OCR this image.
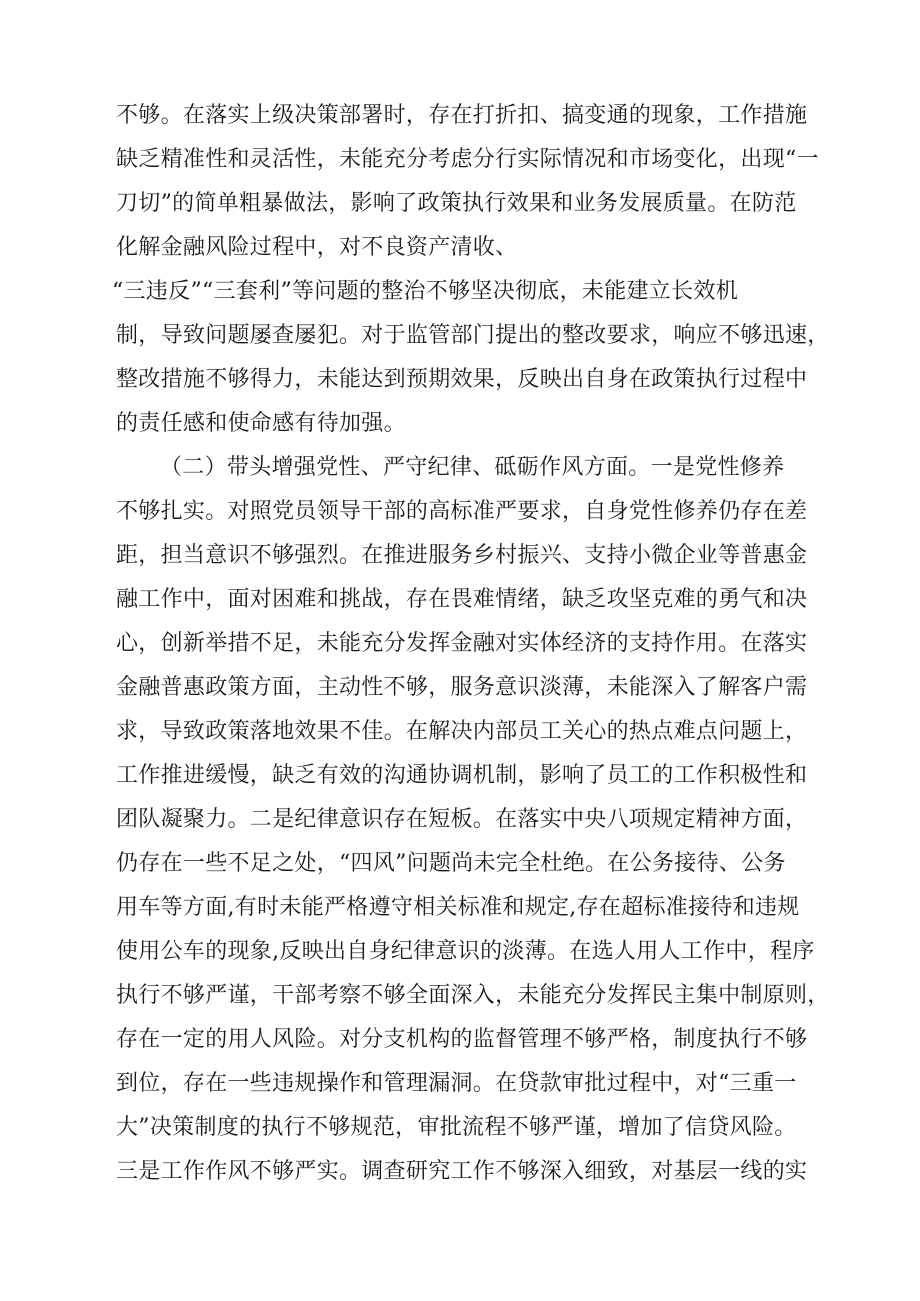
不够。在落实上级决策部署时，存在打折扣、搞变通的现象，工作措施
缺乏精准性和灵活性，未能充分考虑分行实际情况和市场变化，出现“一
刀切”的简单粗暴做法，影响了政策执行效果和业务发展质量。在防范
化解金融风险过程中，对不良资产清收、
“三违反”“三套利”等问题的整治不够坚决彻底，未能建立长效机
制，导致问题屡查屡犯。对于监管部门提出的整改要求，响应不够迅速，
整改措施不够得力，未能达到预期效果，反映出自身在政策执行过程中
的责任感和使命感有待加强。
（二）带头增强党性、严守纪律、砥砺作风方面。一是党性修养
不够扎实。对照党员领导干部的高标准严要求，自身党性修养仍存在差
距，担当意识不够强烈。在推进服务乡村振兴、支持小微企业等普惠金
融工作中，面对困难和挑战，存在畏难情绪，缺乏攻坚克难的勇气和决
心，创新举措不足，未能充分发挥金融对实体经济的支持作用。在落实
金融普惠政策方面，主动性不够，服务意识淡薄，未能深入了解客户需
求，导致政策落地效果不佳。在解决内部员工关心的热点难点问题上，
工作推进缓慢，缺乏有效的沟通协调机制，影响了员工的工作积极性和
团队凝聚力。二是纪律意识存在短板。在落实中央八项规定精神方面，
仍存在一些不足之处，“四风”问题尚未完全杜绝。在公务接待、公务
用车等方面,有时未能严格遵守相关标准和规定,存在超标准接待和违规
使用公车的现象,反映出自身纪律意识的淡薄。在选人用人工作中，程序
执行不够严谨，干部考察不够全面深入，未能充分发挥民主集中制原则，
存在一定的用人风险。对分支机构的监督管理不够严格，制度执行不够
到位，存在一些违规操作和管理漏洞。在贷款审批过程中，对“三重一
大”决策制度的执行不够规范，审批流程不够严谨，增加了信贷风险。
三是工作作风不够严实。调查研究工作不够深入细致，对基层一线的实
